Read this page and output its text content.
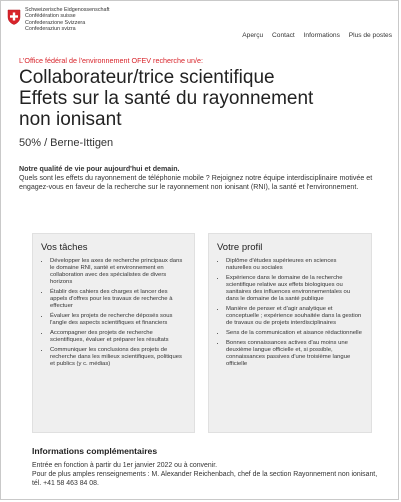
Schweizerische Eidgenossenschaft
Confédération suisse
Confederazione Svizzera
Confederaziun svizra
Aperçu Contact Informations Plus de postes
L'Office fédéral de l'environnement OFEV recherche un/e:
Collaborateur/trice scientifique
Effets sur la santé du rayonnement
non ionisant
50% / Berne-Ittigen
Notre qualité de vie pour aujourd'hui et demain.
Quels sont les effets du rayonnement de téléphonie mobile ? Rejoignez notre équipe interdisciplinaire motivée et engagez-vous en faveur de la recherche sur le rayonnement non ionisant (RNI), la santé et l'environnement.
Vos tâches
• Développer les axes de recherche principaux dans le domaine RNI, santé et environnement en collaboration avec des spécialistes de divers horizons
• Établir des cahiers des charges et lancer des appels d'offres pour les travaux de recherche à effectuer
• Évaluer les projets de recherche déposés sous l'angle des aspects scientifiques et financiers
• Accompagner des projets de recherche scientifiques, évaluer et préparer les résultats
• Communiquer les conclusions des projets de recherche dans les milieux scientifiques, politiques et publics (y c. médias)
Votre profil
• Diplôme d'études supérieures en sciences naturelles ou sociales
• Expérience dans le domaine de la recherche scientifique relative aux effets biologiques ou sanitaires des influences environnementales ou dans le domaine de la santé publique
• Manière de penser et d'agir analytique et conceptuelle ; expérience souhaitée dans la gestion de travaux ou de projets interdisciplinaires
• Sens de la communication et aisance rédactionnelle
• Bonnes connaissances actives d'au moins une deuxième langue officielle et, si possible, connaissances passives d'une troisième langue officielle
Informations complémentaires

Entrée en fonction à partir du 1er janvier 2022 ou à convenir.

Pour de plus amples renseignements : M. Alexander Reichenbach, chef de la section Rayonnement non ionisant, tél. +41 58 463 84 08.
